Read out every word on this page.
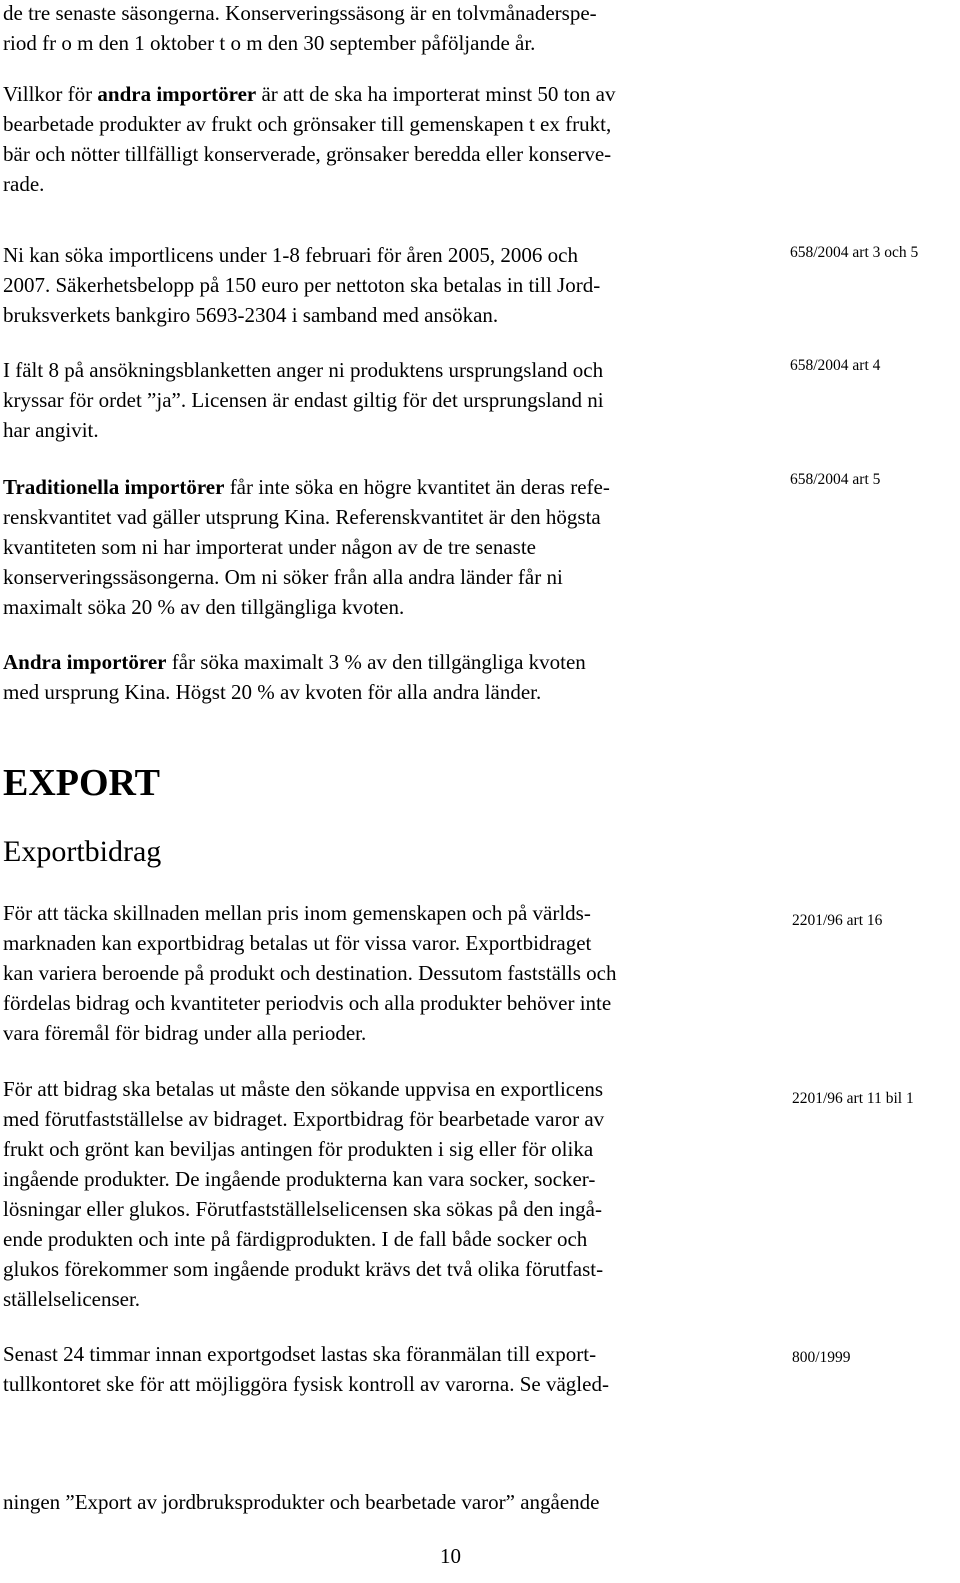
de tre senaste säsongerna. Konserveringssäsong är en tolvmånaderspe-
riod fr o m den 1 oktober t o m den 30 september påföljande år.
Villkor för andra importörer är att de ska ha importerat minst 50 ton av
bearbetade produkter av frukt och grönsaker till gemenskapen t ex frukt,
bär och nötter tillfälligt konserverade, grönsaker beredda eller konserve-
rade.
Ni kan söka importlicens under 1-8 februari för åren 2005, 2006 och
2007. Säkerhetsbelopp på 150 euro per nettoton ska betalas in till Jord-
bruksverkets bankgiro 5693-2304 i samband med ansökan.
I fält 8 på ansökningsblanketten anger ni produktens ursprungsland och
kryssar för ordet ”ja”. Licensen är endast giltig för det ursprungsland ni
har angivit.
Traditionella importörer får inte söka en högre kvantitet än deras refe-
renskvantitet vad gäller utsprung Kina. Referenskvantitet är den högsta
kvantiteten som ni har importerat under någon av de tre senaste
konserveringssäsongerna. Om ni söker från alla andra länder får ni
maximalt söka 20 % av den tillgängliga kvoten.
Andra importörer får söka maximalt 3 % av den tillgängliga kvoten
med ursprung Kina. Högst 20 % av kvoten för alla andra länder.
EXPORT
Exportbidrag
För att täcka skillnaden mellan pris inom gemenskapen och på världs-
marknaden kan exportbidrag betalas ut för vissa varor. Exportbidraget
kan variera beroende på produkt och destination. Dessutom fastställs och
fördelas bidrag och kvantiteter periodvis och alla produkter behöver inte
vara föremål för bidrag under alla perioder.
För att bidrag ska betalas ut måste den sökande uppvisa en exportlicens
med förutfastställelse av bidraget. Exportbidrag för bearbetade varor av
frukt och grönt kan beviljas antingen för produkten i sig eller för olika
ingående produkter. De ingående produkterna kan vara socker, socker-
lösningar eller glukos. Förutfastställelselicensen ska sökas på den ingå-
ende produkten och inte på färdigprodukten. I de fall både socker och
glukos förekommer som ingående produkt krävs det två olika förutfast-
ställelselicenser.
Senast 24 timmar innan exportgodset lastas ska föranmälan till export-
tullkontoret ske för att möjliggöra fysisk kontroll av varorna. Se vägled-
ningen ”Export av jordbruksprodukter och bearbetade varor” angående
658/2004 art 3 och 5
658/2004 art 4
658/2004 art 5
2201/96 art 16
2201/96 art 11 bil 1
800/1999
10
